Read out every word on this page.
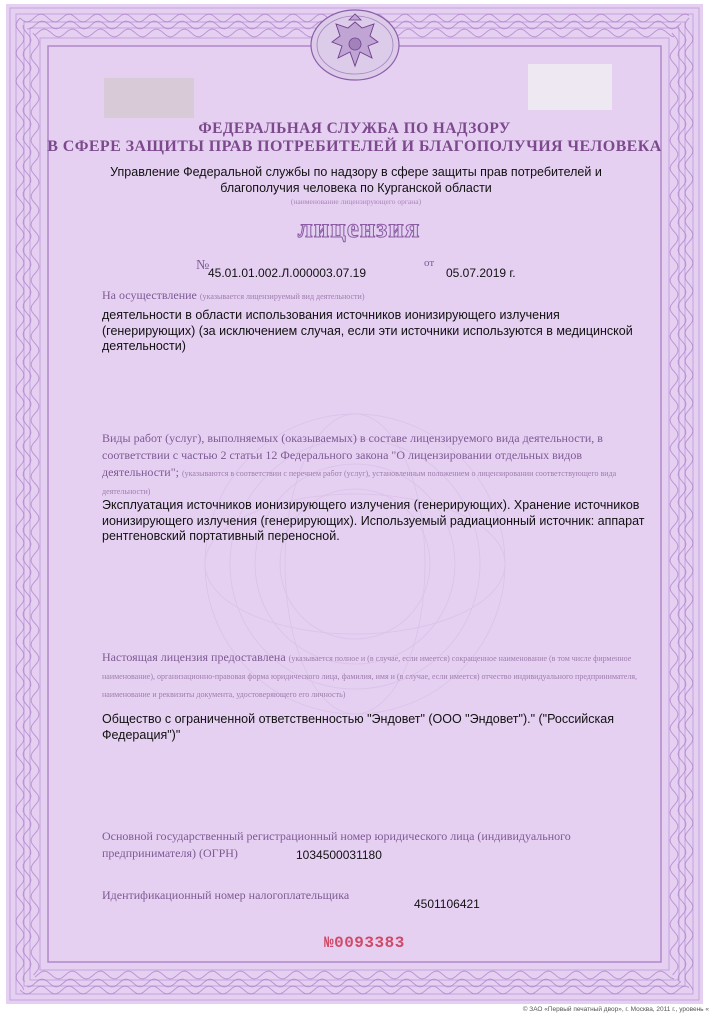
ФЕДЕРАЛЬНАЯ СЛУЖБА ПО НАДЗОРУ
В СФЕРЕ ЗАЩИТЫ ПРАВ ПОТРЕБИТЕЛЕЙ И БЛАГОПОЛУЧИЯ ЧЕЛОВЕКА
Управление Федеральной службы по надзору в сфере защиты прав потребителей и благополучия человека по Курганской области
(наименование лицензирующего органа)
лицензия
№
45.01.01.002.Л.000003.07.19
от
05.07.2019 г.
На осуществление (указывается лицензируемый вид деятельности)
деятельности в области использования источников ионизирующего излучения (генерирующих) (за исключением случая, если эти источники используются в медицинской деятельности)
Виды работ (услуг), выполняемых (оказываемых) в составе лицензируемого вида деятельности, в соответствии с частью 2 статьи 12 Федерального закона "О лицензировании отдельных видов деятельности"; (указываются в соответствии с перечнем работ (услуг), установленным положением о лицензировании соответствующего вида деятельности)
Эксплуатация источников ионизирующего излучения (генерирующих). Хранение источников ионизирующего излучения (генерирующих). Используемый радиационный источник: аппарат рентгеновский портативный переносной.
Настоящая лицензия предоставлена (указывается полное и (в случае, если имеется) сокращенное наименование (в том числе фирменное наименование), организационно-правовая форма юридического лица, фамилия, имя и (в случае, если имеется) отчество индивидуального предпринимателя, наименование и реквизиты документа, удостоверяющего его личность)
Общество с ограниченной ответственностью "Эндовет" (ООО "Эндовет")." ("Российская Федерация")"
Основной государственный регистрационный номер юридического лица (индивидуального предпринимателя) (ОГРН)	1034500031180
Идентификационный номер налогоплательщика
4501106421
№0093383
© ЗАО «Первый печатный двор», г. Москва, 2011 г., уровень «
